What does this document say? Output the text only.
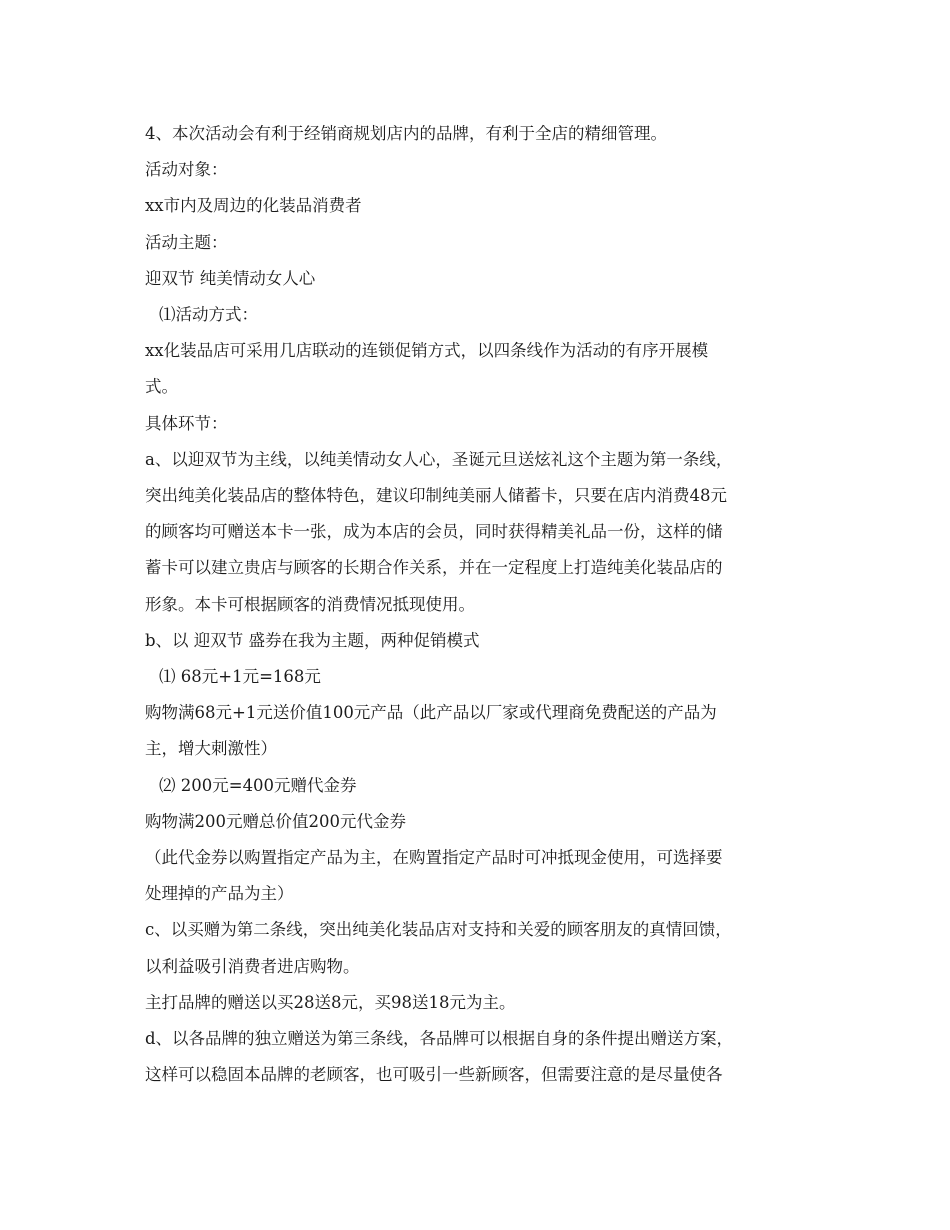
4、本次活动会有利于经销商规划店内的品牌，有利于全店的精细管理。

活动对象：

xx市内及周边的化装品消费者

活动主题：

迎双节 纯美情动女人心

⑴活动方式：

xx化装品店可采用几店联动的连锁促销方式，以四条线作为活动的有序开展模

式。

具体环节：

a、以迎双节为主线，以纯美情动女人心，圣诞元旦送炫礼这个主题为第一条线，

突出纯美化装品店的整体特色，建议印制纯美丽人储蓄卡，只要在店内消费48元

的顾客均可赠送本卡一张，成为本店的会员，同时获得精美礼品一份，这样的储

蓄卡可以建立贵店与顾客的长期合作关系，并在一定程度上打造纯美化装品店的

形象。本卡可根据顾客的消费情况抵现使用。

b、以 迎双节 盛券在我为主题，两种促销模式

⑴ 68元+1元=168元

购物满68元+1元送价值100元产品（此产品以厂家或代理商免费配送的产品为

主，增大刺激性）

⑵ 200元=400元赠代金券

购物满200元赠总价值200元代金券

（此代金券以购置指定产品为主，在购置指定产品时可冲抵现金使用，可选择要

处理掉的产品为主）

c、以买赠为第二条线，突出纯美化装品店对支持和关爱的顾客朋友的真情回馈，

以利益吸引消费者进店购物。

主打品牌的赠送以买28送8元，买98送18元为主。

d、以各品牌的独立赠送为第三条线，各品牌可以根据自身的条件提出赠送方案，

这样可以稳固本品牌的老顾客，也可吸引一些新顾客，但需要注意的是尽量使各
